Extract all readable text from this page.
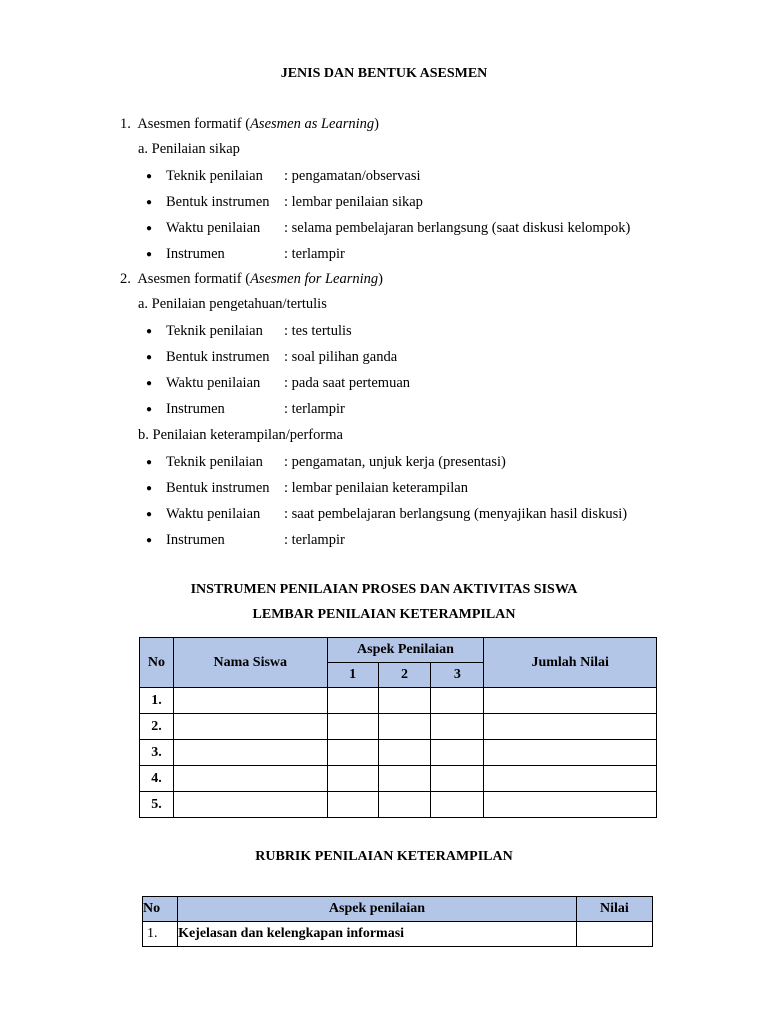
JENIS DAN BENTUK ASESMEN

1. Asesmen formatif (Asesmen as Learning)
a. Penilaian sikap
● Teknik penilaian : pengamatan/observasi
● Bentuk instrumen : lembar penilaian sikap
● Waktu penilaian : selama pembelajaran berlangsung (saat diskusi kelompok)
● Instrumen	: terlampir
2. Asesmen formatif (Asesmen for Learning)
a. Penilaian pengetahuan/tertulis
● Teknik penilaian : tes tertulis
● Bentuk instrumen : soal pilihan ganda
● Waktu penilaian : pada saat pertemuan
● Instrumen	: terlampir
b. Penilaian keterampilan/performa
● Teknik penilaian : pengamatan, unjuk kerja (presentasi)
● Bentuk instrumen : lembar penilaian keterampilan
● Waktu penilaian : saat pembelajaran berlangsung (menyajikan hasil diskusi)
● Instrumen	: terlampir

INSTRUMEN PENILAIAN PROSES DAN AKTIVITAS SISWA

LEMBAR PENILAIAN KETERAMPILAN

No	Nama Siswa	Aspek Penilaian			Jumlah Nilai
		1	2	3	
1.					
2.					
3.					
4.					
5.					

RUBRIK PENILAIAN KETERAMPILAN

No	Aspek penilaian	Nilai
1.	Kejelasan dan kelengkapan informasi	
